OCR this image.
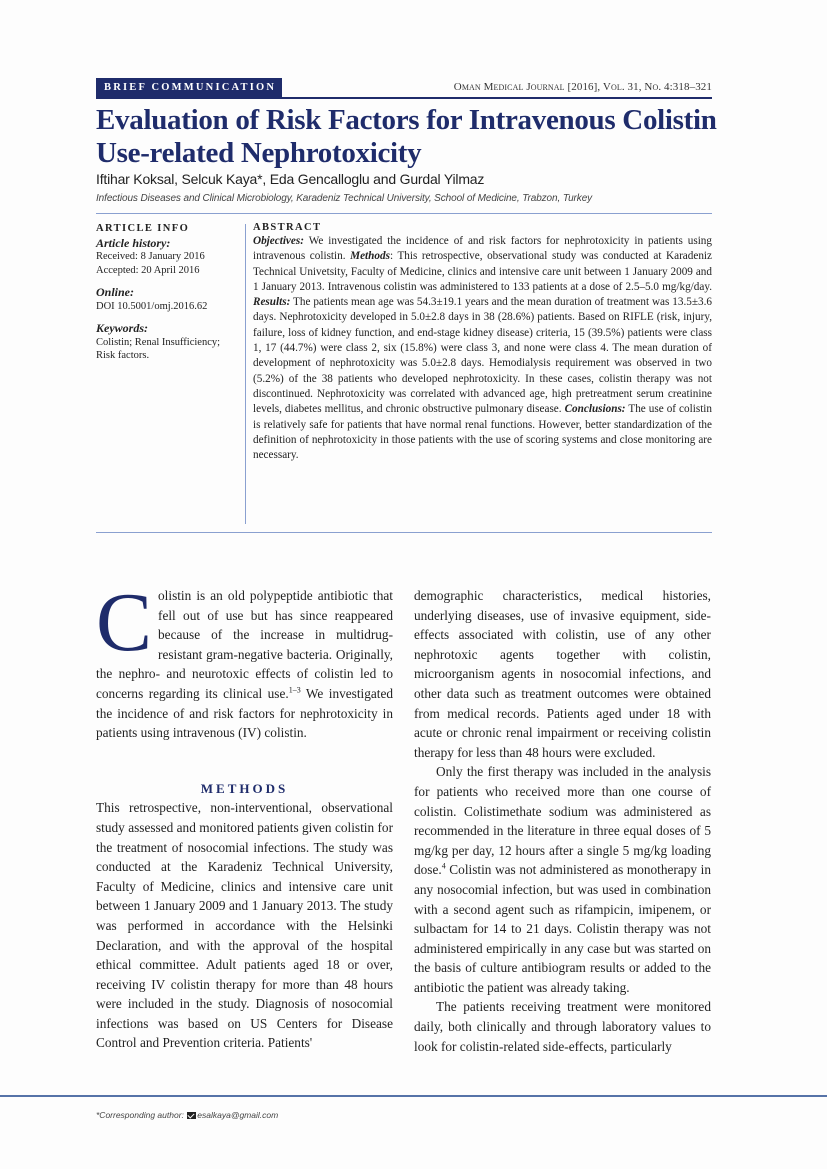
BRIEF COMMUNICATION	Oman Medical Journal [2016], Vol. 31, No. 4:318–321
Evaluation of Risk Factors for Intravenous Colistin Use-related Nephrotoxicity
Iftihar Koksal, Selcuk Kaya*, Eda Gencalloglu and Gurdal Yilmaz
Infectious Diseases and Clinical Microbiology, Karadeniz Technical University, School of Medicine, Trabzon, Turkey
ARTICLE INFO
Article history:
Received: 8 January 2016
Accepted: 20 April 2016
Online:
DOI 10.5001/omj.2016.62
Keywords:
Colistin; Renal Insufficiency; Risk factors.
ABSTRACT

Objectives: We investigated the incidence of and risk factors for nephrotoxicity in patients using intravenous colistin. Methods: This retrospective, observational study was conducted at Karadeniz Technical Univetsity, Faculty of Medicine, clinics and intensive care unit between 1 January 2009 and 1 January 2013. Intravenous colistin was administered to 133 patients at a dose of 2.5–5.0 mg/kg/day. Results: The patients mean age was 54.3±19.1 years and the mean duration of treatment was 13.5±3.6 days. Nephrotoxicity developed in 5.0±2.8 days in 38 (28.6%) patients. Based on RIFLE (risk, injury, failure, loss of kidney function, and end-stage kidney disease) criteria, 15 (39.5%) patients were class 1, 17 (44.7%) were class 2, six (15.8%) were class 3, and none were class 4. The mean duration of development of nephrotoxicity was 5.0±2.8 days. Hemodialysis requirement was observed in two (5.2%) of the 38 patients who developed nephrotoxicity. In these cases, colistin therapy was not discontinued. Nephrotoxicity was correlated with advanced age, high pretreatment serum creatinine levels, diabetes mellitus, and chronic obstructive pulmonary disease. Conclusions: The use of colistin is relatively safe for patients that have normal renal functions. However, better standardization of the definition of nephrotoxicity in those patients with the use of scoring systems and close monitoring are necessary.

Colistin is an old polypeptide antibiotic that fell out of use but has since reappeared because of the increase in multidrug-resistant gram-negative bacteria. Originally, the nephro- and neurotoxic effects of colistin led to concerns regarding its clinical use.$^{1-3}$ We investigated the incidence of and risk factors for nephrotoxicity in patients using intravenous (IV) colistin.

METHODS

This retrospective, non-interventional, observational study assessed and monitored patients given colistin for the treatment of nosocomial infections. The study was conducted at the Karadeniz Technical University, Faculty of Medicine, clinics and intensive care unit between 1 January 2009 and 1 January 2013. The study was performed in accordance with the Helsinki Declaration, and with the approval of the hospital ethical committee. Adult patients aged 18 or over, receiving IV colistin therapy for more than 48 hours were included in the study. Diagnosis of nosocomial infections was based on US Centers for Disease Control and Prevention criteria. Patients'

demographic characteristics, medical histories, underlying diseases, use of invasive equipment, side-effects associated with colistin, use of any other nephrotoxic agents together with colistin, microorganism agents in nosocomial infections, and other data such as treatment outcomes were obtained from medical records. Patients aged under 18 with acute or chronic renal impairment or receiving colistin therapy for less than 48 hours were excluded.

Only the first therapy was included in the analysis for patients who received more than one course of colistin. Colistimethate sodium was administered as recommended in the literature in three equal doses of 5 mg/kg per day, 12 hours after a single 5 mg/kg loading dose.$^4$ Colistin was not administered as monotherapy in any nosocomial infection, but was used in combination with a second agent such as rifampicin, imipenem, or sulbactam for 14 to 21 days. Colistin therapy was not administered empirically in any case but was started on the basis of culture antibiogram results or added to the antibiotic the patient was already taking.

The patients receiving treatment were monitored daily, both clinically and through laboratory values to look for colistin-related side-effects, particularly

*Corresponding author: esalkaya@gmail.com
